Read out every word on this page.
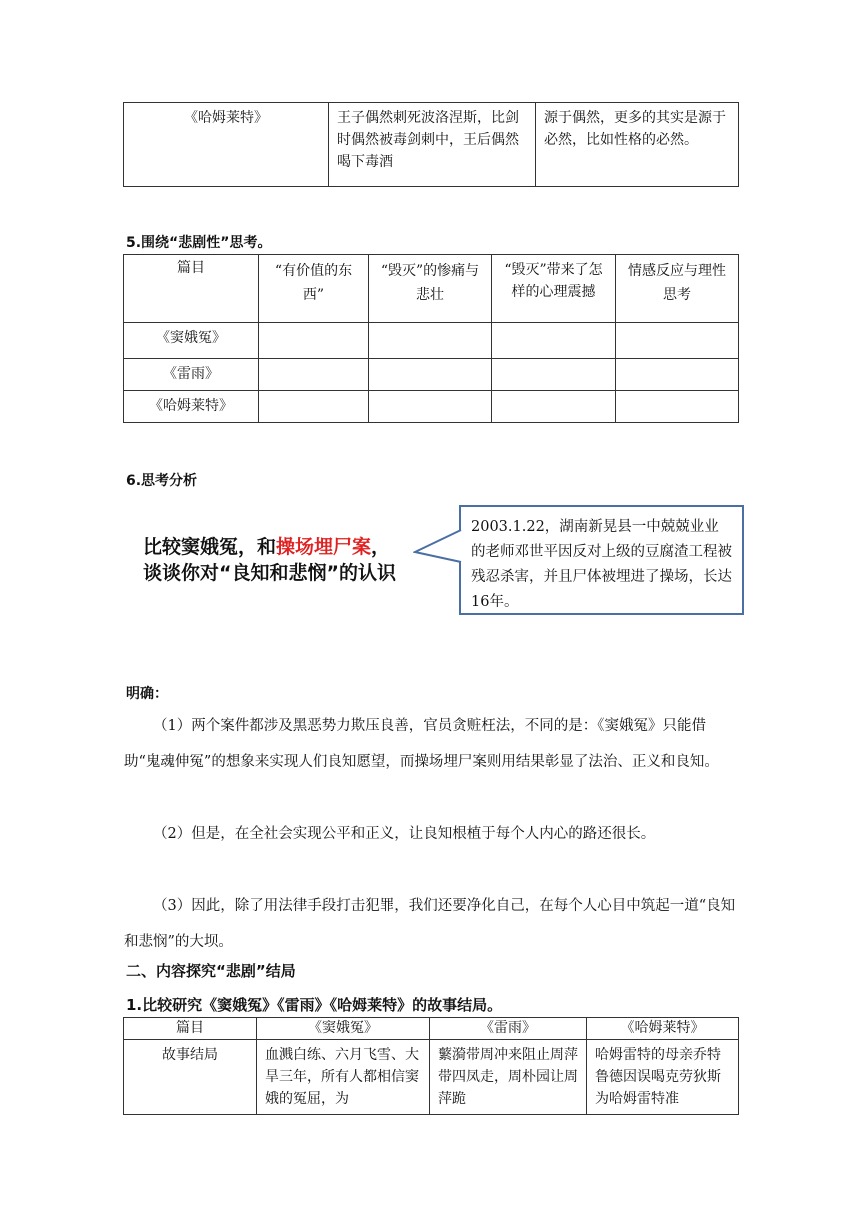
《哈姆莱特》	王子偶然刺死波洛涅斯，比剑时偶然被毒剑刺中，王后偶然喝下毒酒	源于偶然，更多的其实是源于必然，比如性格的必然。
5.围绕“悲剧性”思考。
篇目	“有价值的东西”	“毁灭”的惨痛与悲壮	“毁灭”带来了怎样的心理震撼	情感反应与理性思考
《窦娥冤》				
《雷雨》				
《哈姆莱特》				
6.思考分析
比较窦娥冤，和操场埋尸案，
谈谈你对“良知和悲悯”的认识
2003.1.22，湖南新晃县一中兢兢业业的老师邓世平因反对上级的豆腐渣工程被残忍杀害，并且尸体被埋进了操场，长达16年。
明确：
（1）两个案件都涉及黑恶势力欺压良善，官员贪赃枉法，不同的是：《窦娥冤》只能借助“鬼魂伸冤”的想象来实现人们良知愿望，而操场埋尸案则用结果彰显了法治、正义和良知。
（2）但是，在全社会实现公平和正义，让良知根植于每个人内心的路还很长。
（3）因此，除了用法律手段打击犯罪，我们还要净化自己，在每个人心目中筑起一道“良知和悲悯”的大坝。
二、内容探究“悲剧”结局
1.比较研究《窦娥冤》《雷雨》《哈姆莱特》的故事结局。
篇目	《窦娥冤》	《雷雨》	《哈姆莱特》
故事结局	血溅白练、六月飞雪、大旱三年，所有人都相信窦娥的冤屈，为	蘩漪带周冲来阻止周萍带四凤走，周朴园让周萍跪	哈姆雷特的母亲乔特鲁德因误喝克劳狄斯为哈姆雷特准
